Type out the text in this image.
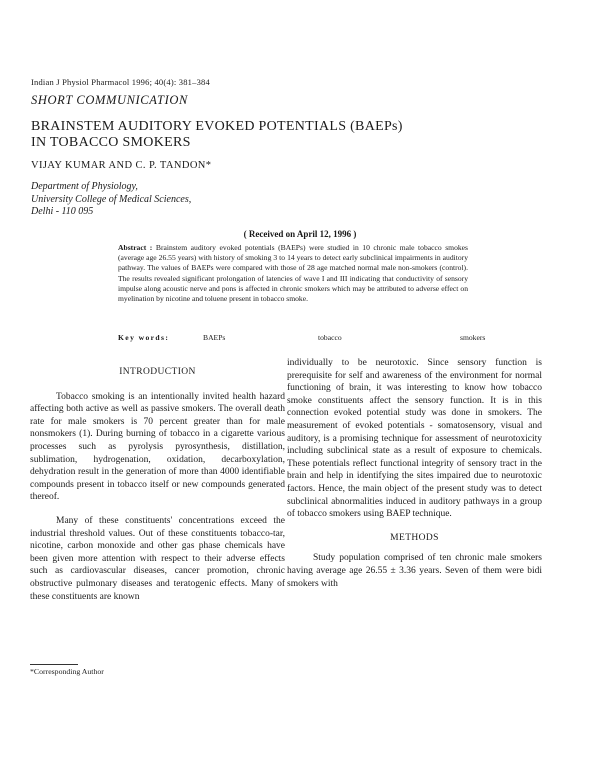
Indian J Physiol Pharmacol 1996; 40(4): 381–384
SHORT COMMUNICATION
BRAINSTEM AUDITORY EVOKED POTENTIALS (BAEPs)
IN TOBACCO SMOKERS
VIJAY KUMAR AND C. P. TANDON*
Department of Physiology,
University College of Medical Sciences,
Delhi - 110 095
( Received on April 12, 1996 )
Abstract : Brainstem auditory evoked potentials (BAEPs) were studied in 10 chronic male tobacco smokes (average age 26.55 years) with history of smoking 3 to 14 years to detect early subclinical impairments in auditory pathway. The values of BAEPs were compared with those of 28 age matched normal male non-smokers (control). The results revealed significant prolongation of latencies of wave I and III indicating that conductivity of sensory impulse along acoustic nerve and pons is affected in chronic smokers which may be attributed to adverse effect on myelination by nicotine and toluene present in tobacco smoke.
Key words:	BAEPs	tobacco	smokers
INTRODUCTION

Tobacco smoking is an intentionally invited health hazard affecting both active as well as passive smokers. The overall death rate for male smokers is 70 percent greater than for male nonsmokers (1). During burning of tobacco in a cigarette various processes such as pyrolysis pyrosynthesis, distillation, sublimation, hydrogenation, oxidation, decarboxylation, dehydration result in the generation of more than 4000 identifiable compounds present in tobacco itself or new compounds generated thereof.

Many of these constituents' concentrations exceed the industrial threshold values. Out of these constituents tobacco-tar, nicotine, carbon monoxide and other gas phase chemicals have been given more attention with respect to their adverse effects such as cardiovascular diseases, cancer promotion, chronic obstructive pulmonary diseases and teratogenic effects. Many of these constituents are known

individually to be neurotoxic. Since sensory function is prerequisite for self and awareness of the environment for normal functioning of brain, it was interesting to know how tobacco smoke constituents affect the sensory function. It is in this connection evoked potential study was done in smokers. The measurement of evoked potentials - somatosensory, visual and auditory, is a promising technique for assessment of neurotoxicity including subclinical state as a result of exposure to chemicals. These potentials reflect functional integrity of sensory tract in the brain and help in identifying the sites impaired due to neurotoxic factors. Hence, the main object of the present study was to detect subclinical abnormalities induced in auditory pathways in a group of tobacco smokers using BAEP technique.

METHODS

Study population comprised of ten chronic male smokers having average age 26.55 ± 3.36 years. Seven of them were bidi smokers with

*Corresponding Author
